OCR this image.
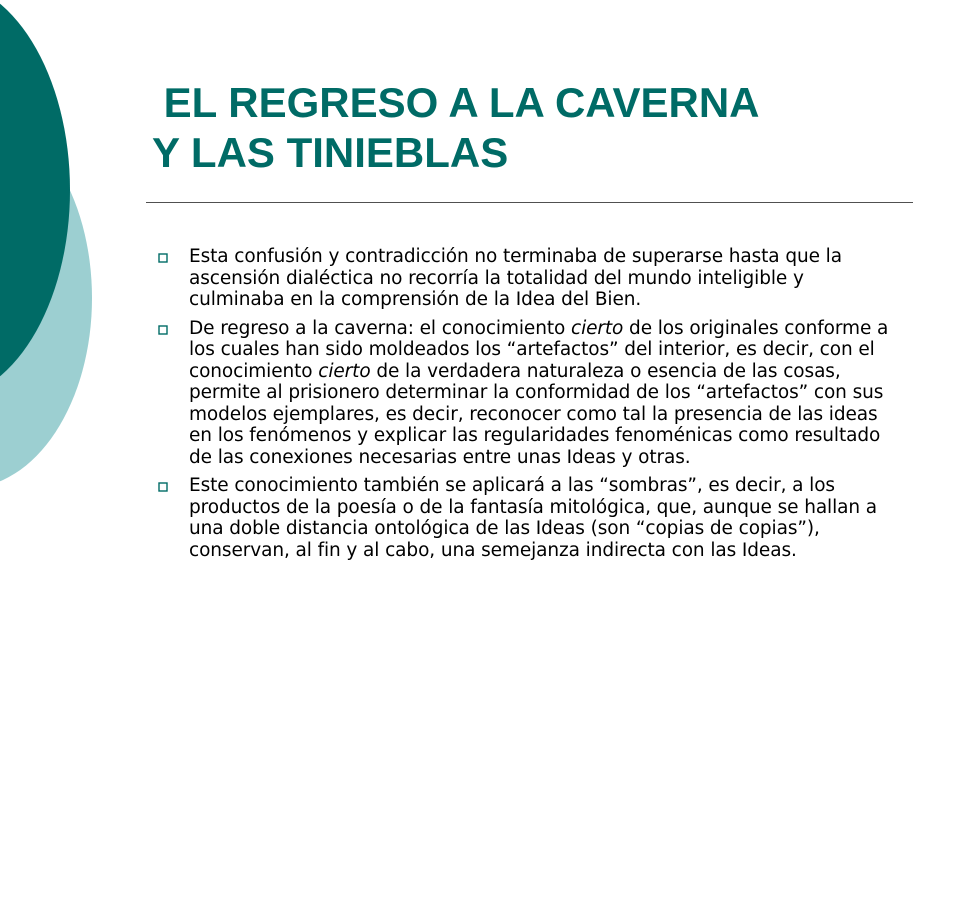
EL REGRESO A LA CAVERNA
Y LAS TINIEBLAS
Esta confusión y contradicción no terminaba de superarse hasta que la ascensión dialéctica no recorría la totalidad del mundo inteligible y culminaba en la comprensión de la Idea del Bien.
De regreso a la caverna: el conocimiento cierto de los originales conforme a los cuales han sido moldeados los “artefactos” del interior, es decir, con el conocimiento cierto de la verdadera naturaleza o esencia de las cosas, permite al prisionero determinar la conformidad de los “artefactos” con sus modelos ejemplares, es decir, reconocer como tal la presencia de las ideas en los fenómenos y explicar las regularidades fenoménicas como resultado de las conexiones necesarias entre unas Ideas y otras.
Este conocimiento también se aplicará a las “sombras”, es decir, a los productos de la poesía o de la fantasía mitológica, que, aunque se hallan a una doble distancia ontológica de las Ideas (son “copias de copias”), conservan, al fin y al cabo, una semejanza indirecta con las Ideas.
